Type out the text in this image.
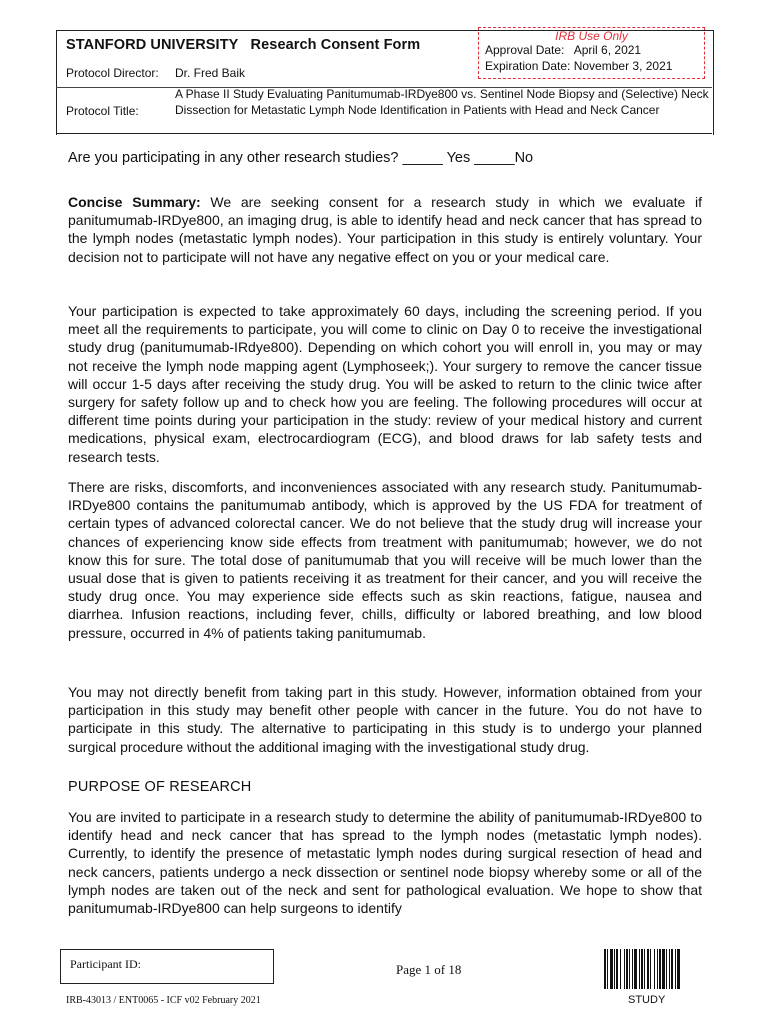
STANFORD UNIVERSITY   Research Consent Form
Protocol Director: Dr. Fred Baik
Protocol Title:
A Phase II Study Evaluating Panitumumab-IRDye800 vs. Sentinel Node Biopsy and (Selective) Neck Dissection for Metastatic Lymph Node Identification in Patients with Head and Neck Cancer
IRB Use Only
Approval Date:   April 6, 2021
Expiration Date: November 3, 2021
Are you participating in any other research studies? _____ Yes _____No
Concise Summary: We are seeking consent for a research study in which we evaluate if panitumumab-IRDye800, an imaging drug, is able to identify head and neck cancer that has spread to the lymph nodes (metastatic lymph nodes). Your participation in this study is entirely voluntary. Your decision not to participate will not have any negative effect on you or your medical care.
Your participation is expected to take approximately 60 days, including the screening period. If you meet all the requirements to participate, you will come to clinic on Day 0 to receive the investigational study drug (panitumumab-IRdye800). Depending on which cohort you will enroll in, you may or may not receive the lymph node mapping agent (Lymphoseek;). Your surgery to remove the cancer tissue will occur 1-5 days after receiving the study drug. You will be asked to return to the clinic twice after surgery for safety follow up and to check how you are feeling. The following procedures will occur at different time points during your participation in the study: review of your medical history and current medications, physical exam, electrocardiogram (ECG), and blood draws for lab safety tests and research tests.
There are risks, discomforts, and inconveniences associated with any research study. Panitumumab-IRDye800 contains the panitumumab antibody, which is approved by the US FDA for treatment of certain types of advanced colorectal cancer. We do not believe that the study drug will increase your chances of experiencing know side effects from treatment with panitumumab; however, we do not know this for sure. The total dose of panitumumab that you will receive will be much lower than the usual dose that is given to patients receiving it as treatment for their cancer, and you will receive the study drug once. You may experience side effects such as skin reactions, fatigue, nausea and diarrhea. Infusion reactions, including fever, chills, difficulty or labored breathing, and low blood pressure, occurred in 4% of patients taking panitumumab.
You may not directly benefit from taking part in this study. However, information obtained from your participation in this study may benefit other people with cancer in the future. You do not have to participate in this study. The alternative to participating in this study is to undergo your planned surgical procedure without the additional imaging with the investigational study drug.
PURPOSE OF RESEARCH
You are invited to participate in a research study to determine the ability of panitumumab-IRDye800 to identify head and neck cancer that has spread to the lymph nodes (metastatic lymph nodes). Currently, to identify the presence of metastatic lymph nodes during surgical resection of head and neck cancers, patients undergo a neck dissection or sentinel node biopsy whereby some or all of the lymph nodes are taken out of the neck and sent for pathological evaluation. We hope to show that panitumumab-IRDye800 can help surgeons to identify
Participant ID:	Page 1 of 18
IRB-43013 / ENT0065 - ICF v02 February 2021	STUDY
